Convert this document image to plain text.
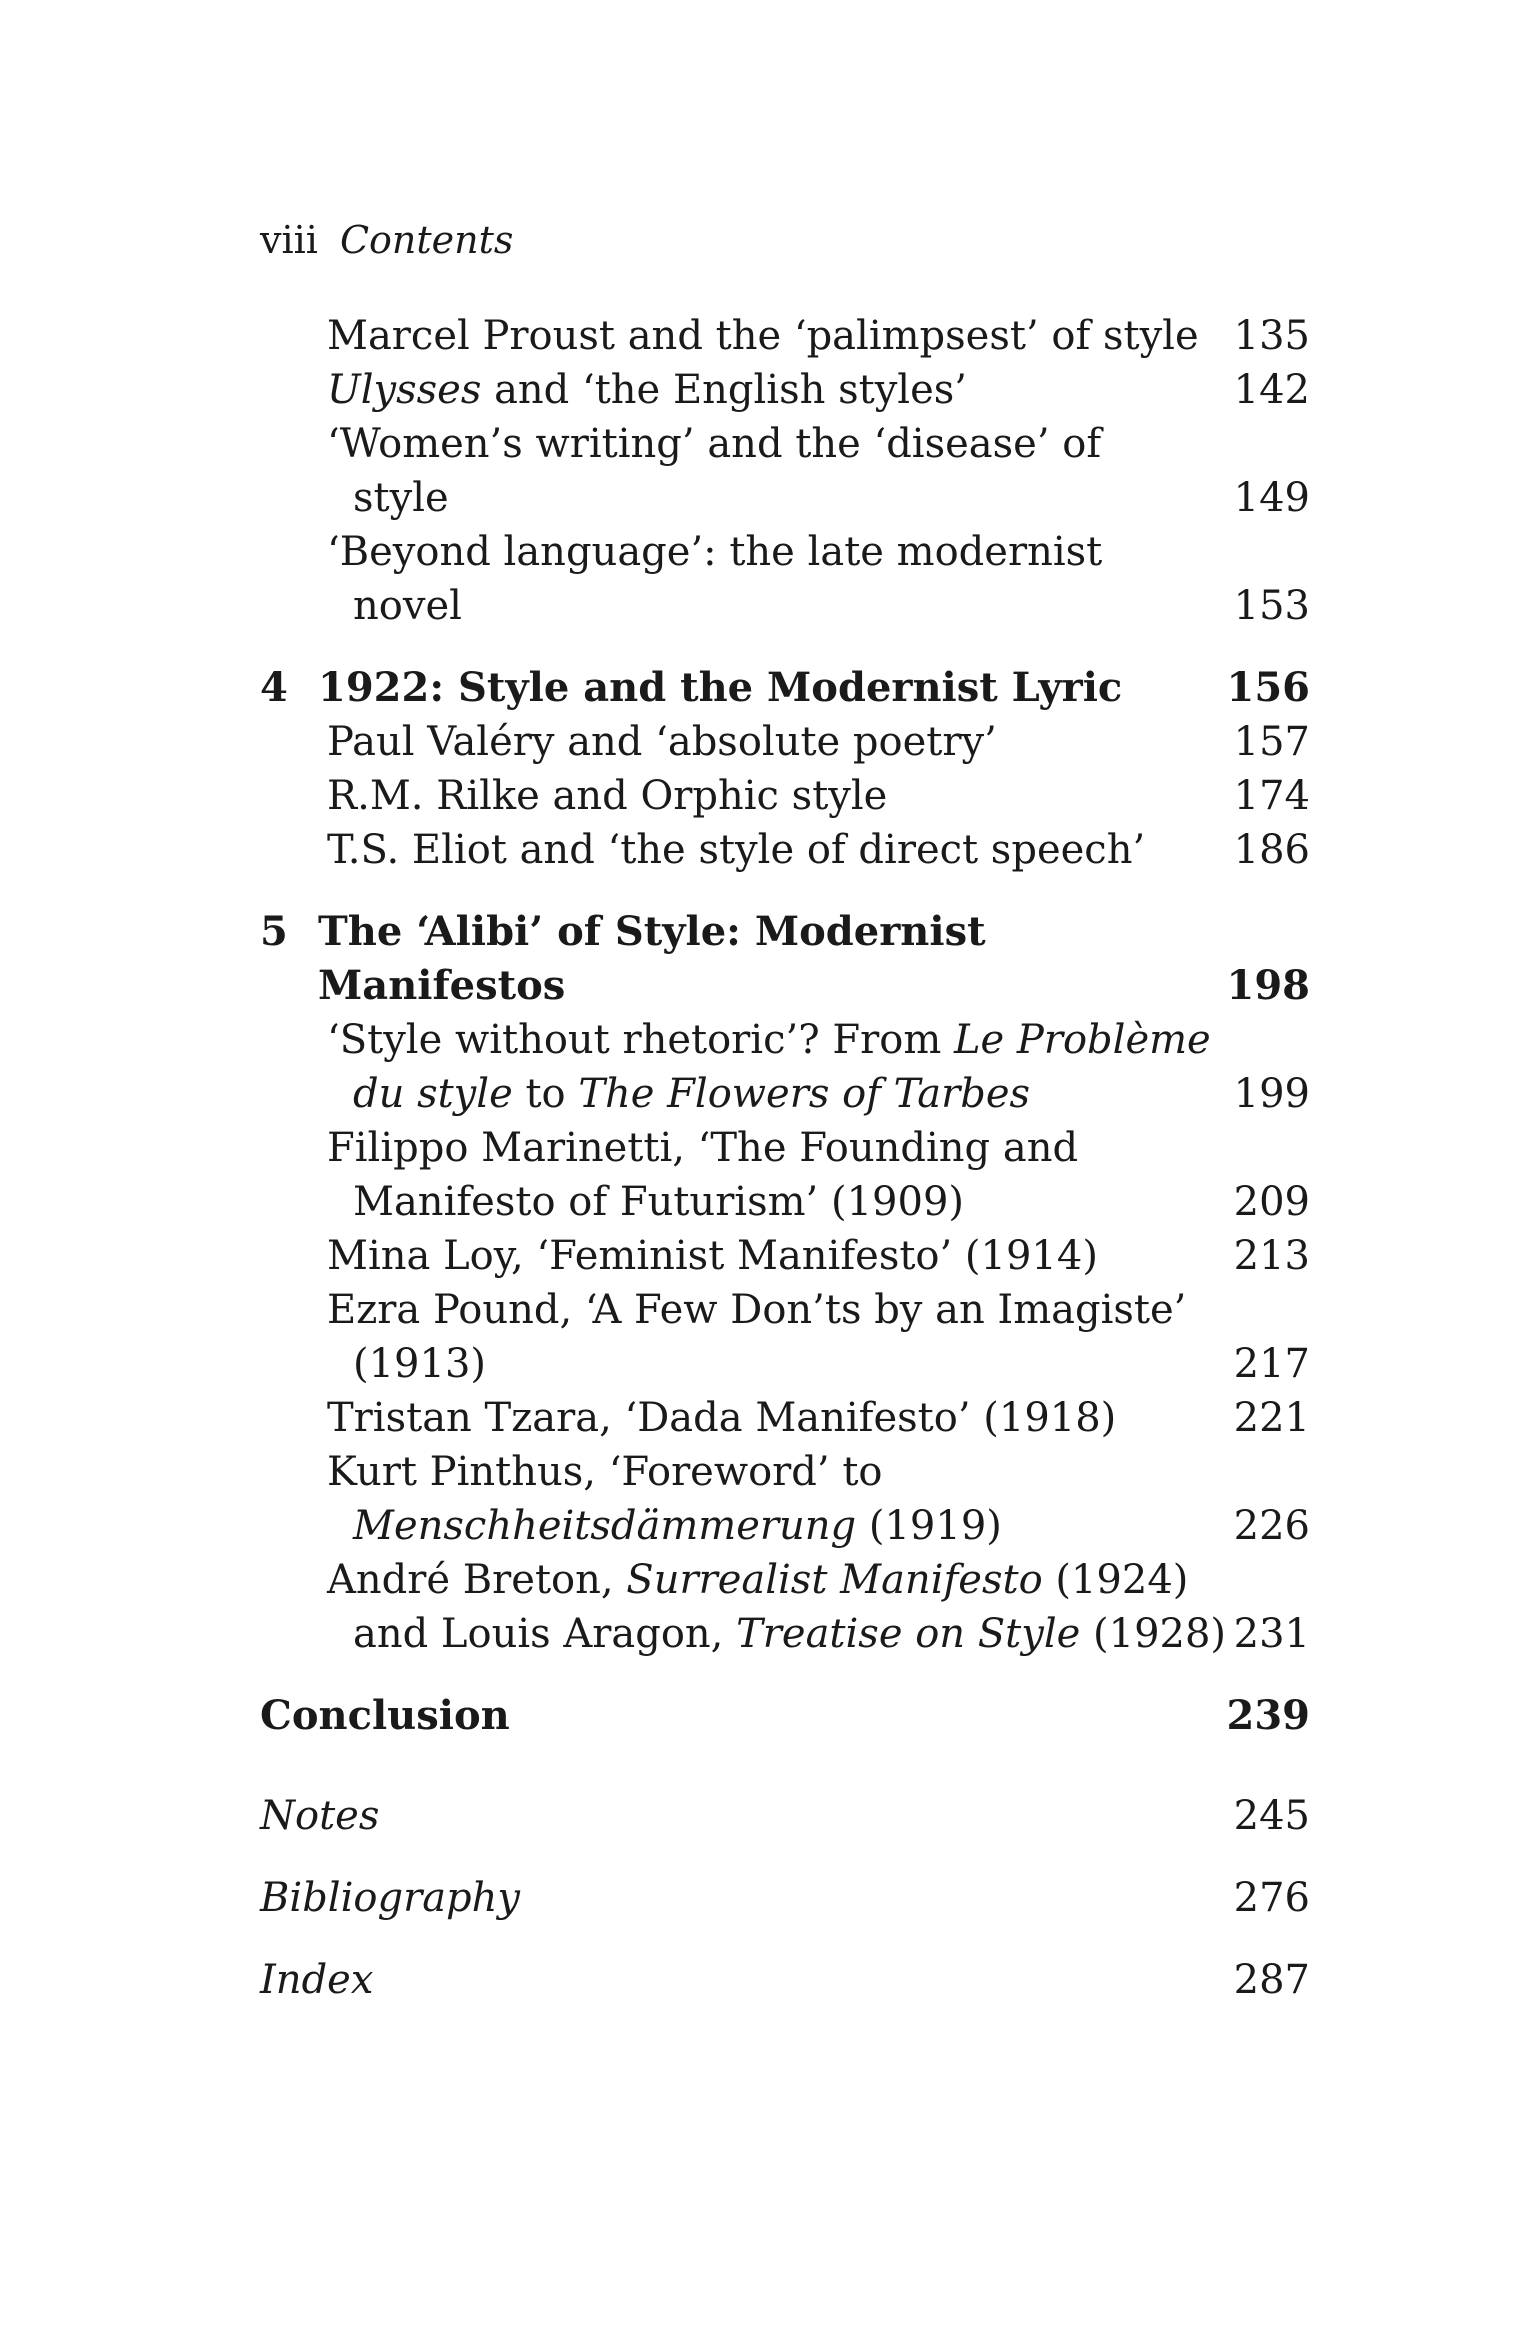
viii Contents
Marcel Proust and the ‘palimpsest’ of style 135
Ulysses and ‘the English styles’	142
‘Women’s writing’ and the ‘disease’ of
style	149
‘Beyond language’: the late modernist
novel	153
4 1922: Style and the Modernist Lyric	156
Paul Valéry and ‘absolute poetry’	157
R.M. Rilke and Orphic style	174
T.S. Eliot and ‘the style of direct speech’	186
5 The ‘Alibi’ of Style: Modernist
Manifestos	198
‘Style without rhetoric’? From Le Problème
du style to The Flowers of Tarbes	199
Filippo Marinetti, ‘The Founding and
Manifesto of Futurism’ (1909)	209
Mina Loy, ‘Feminist Manifesto’ (1914)	213
Ezra Pound, ‘A Few Don’ts by an Imagiste’
(1913)	217
Tristan Tzara, ‘Dada Manifesto’ (1918)	221
Kurt Pinthus, ‘Foreword’ to
Menschheitsdämmerung (1919)	226
André Breton, Surrealist Manifesto (1924)
and Louis Aragon, Treatise on Style (1928) 231
Conclusion	239
Notes	245
Bibliography	276
Index	287
